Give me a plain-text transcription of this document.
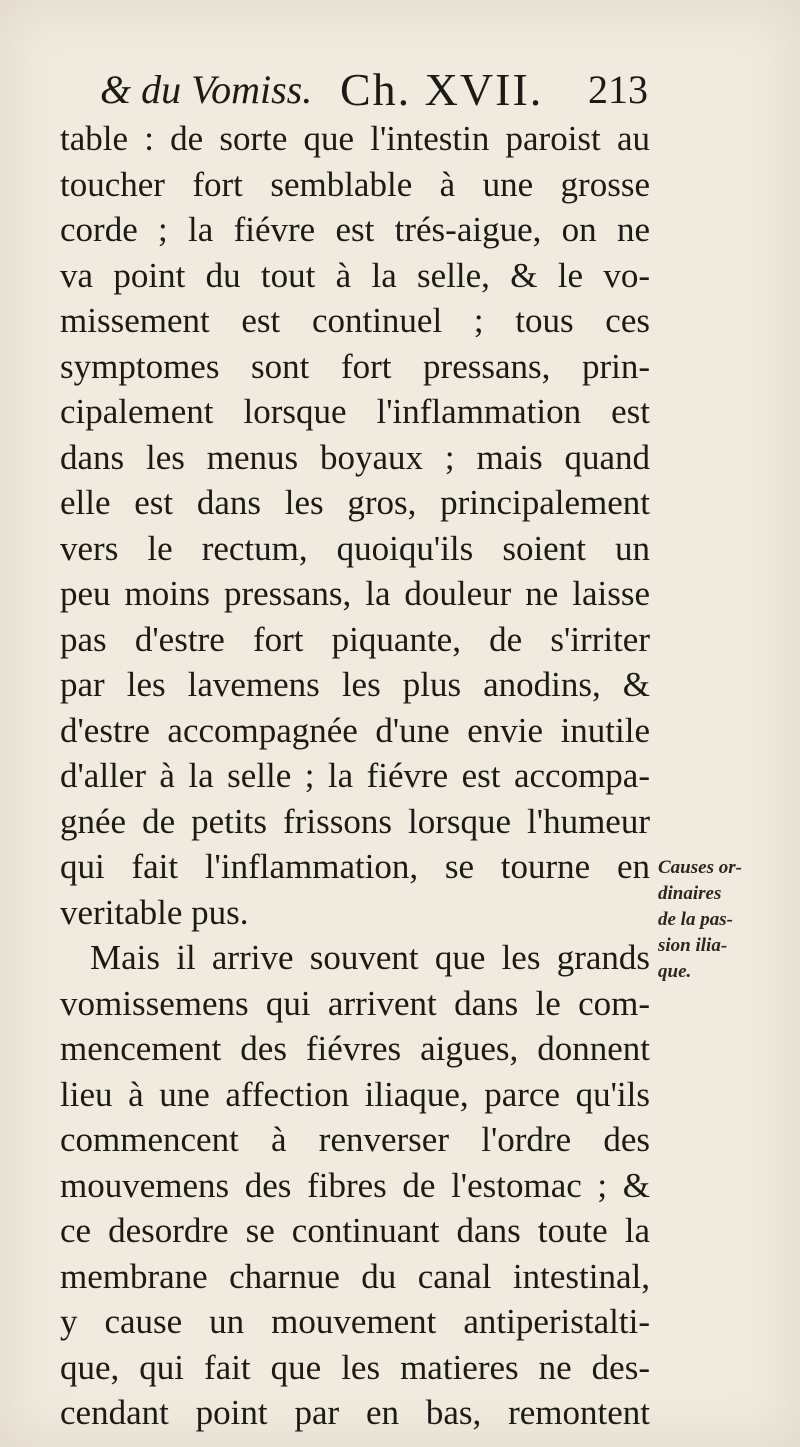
& du Vomiss. Ch. XVII. 213
table : de sorte que l'intestin paroist au
toucher fort semblable à une grosse
corde ; la fiévre est trés-aigue, on ne
va point du tout à la selle, & le vo-
missement est continuel ; tous ces
symptomes sont fort pressans, prin-
cipalement lorsque l'inflammation est
dans les menus boyaux ; mais quand
elle est dans les gros, principalement
vers le rectum, quoiqu'ils soient un
peu moins pressans, la douleur ne laisse
pas d'estre fort piquante, de s'irriter
par les lavemens les plus anodins, &
d'estre accompagnée d'une envie inutile
d'aller à la selle ; la fiévre est accompa-
gnée de petits frissons lorsque l'humeur
qui fait l'inflammation, se tourne en
veritable pus.
Mais il arrive souvent que les grands
vomissemens qui arrivent dans le com-
mencement des fiévres aigues, donnent
lieu à une affection iliaque, parce qu'ils
commencent à renverser l'ordre des
mouvemens des fibres de l'estomac ; &
ce desordre se continuant dans toute la
membrane charnue du canal intestinal,
y cause un mouvement antiperistalti-
que, qui fait que les matieres ne des-
cendant point par en bas, remontent
Causes or-
dinaires
de la pas-
sion ilia-
que.
